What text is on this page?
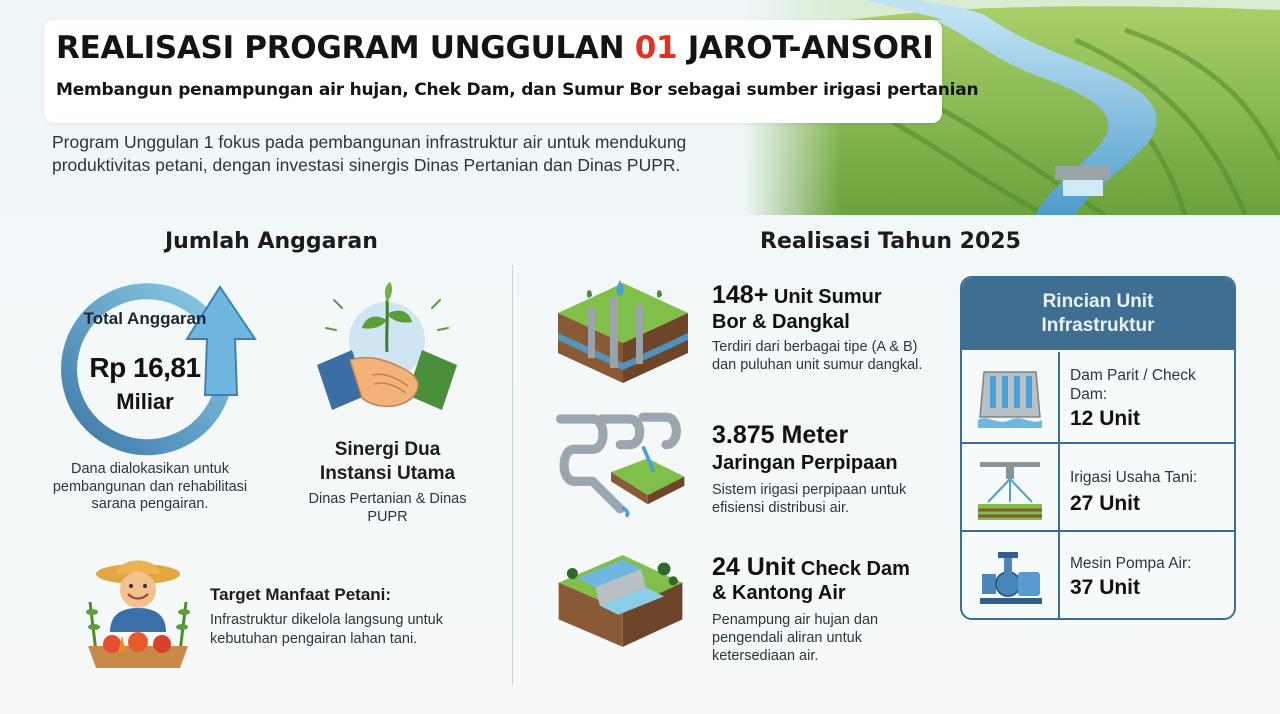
REALISASI PROGRAM UNGGULAN 01 JAROT-ANSORI
Membangun penampungan air hujan, Chek Dam, dan Sumur Bor sebagai sumber irigasi pertanian
Program Unggulan 1 fokus pada pembangunan infrastruktur air untuk mendukung produktivitas petani, dengan investasi sinergis Dinas Pertanian dan Dinas PUPR.
Jumlah Anggaran	Realisasi Tahun 2025
Total Anggaran
Rp 16,81
Miliar
Dana dialokasikan untuk pembangunan dan rehabilitasi sarana pengairan.
Sinergi Dua Instansi Utama
Dinas Pertanian & Dinas PUPR
Target Manfaat Petani:
Infrastruktur dikelola langsung untuk kebutuhan pengairan lahan tani.
148+ Unit Sumur
Bor & Dangkal
Terdiri dari berbagai tipe (A & B) dan puluhan unit sumur dangkal.
3.875 Meter
Jaringan Perpipaan
Sistem irigasi perpipaan untuk efisiensi distribusi air.
24 Unit Check Dam
& Kantong Air
Penampung air hujan dan pengendali aliran untuk ketersediaan air.
Rincian Unit Infrastruktur
Dam Parit / Check Dam:
12 Unit
Irigasi Usaha Tani:
27 Unit
Mesin Pompa Air:
37 Unit
